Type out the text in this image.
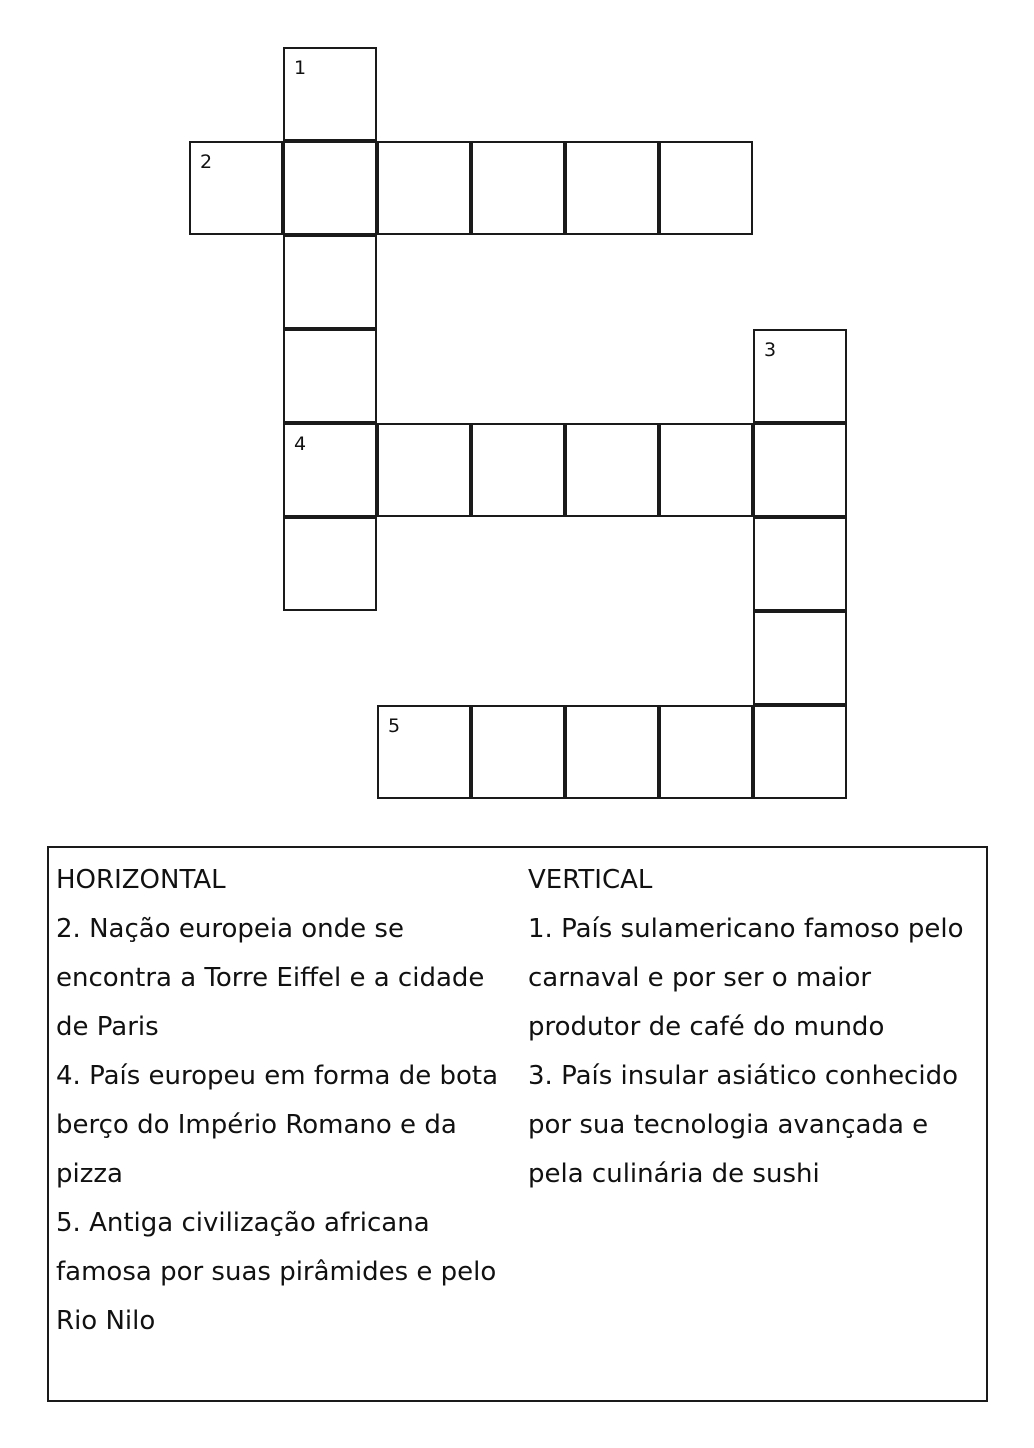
1
2
3
4
5
HORIZONTAL
2. Nação europeia onde se encontra a Torre Eiffel e a cidade de Paris
4. País europeu em forma de bota berço do Império Romano e da pizza
5. Antiga civilização africana famosa por suas pirâmides e pelo Rio Nilo
VERTICAL
1. País sulamericano famoso pelo carnaval e por ser o maior produtor de café do mundo
3. País insular asiático conhecido por sua tecnologia avançada e pela culinária de sushi
